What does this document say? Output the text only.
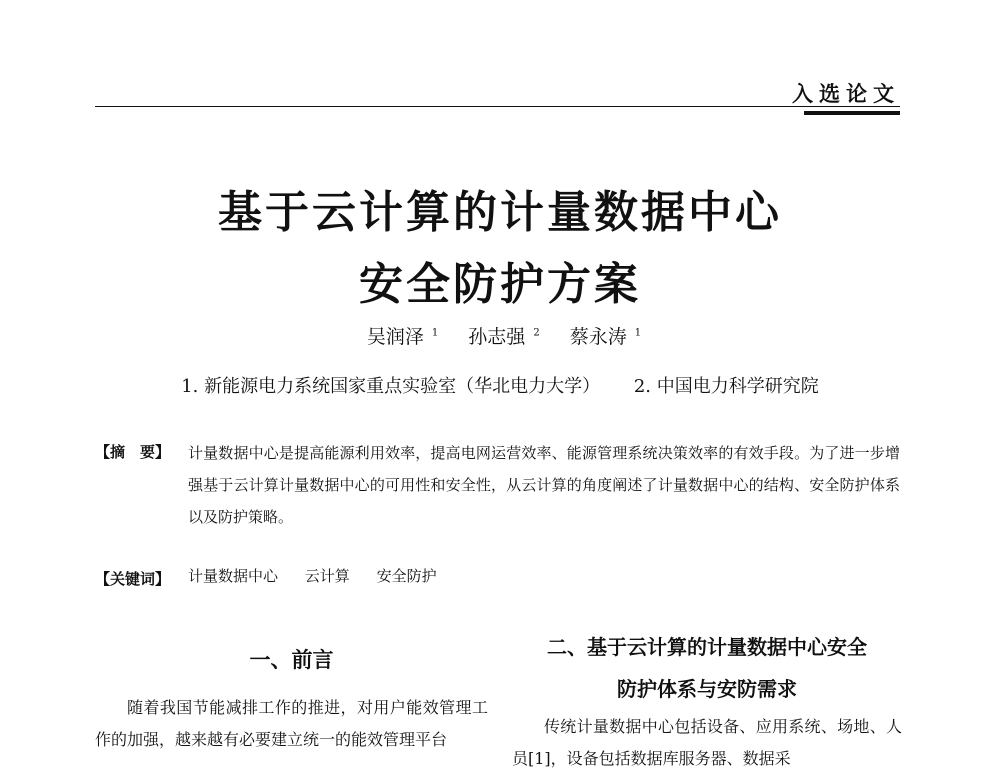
入选论文
基于云计算的计量数据中心
安全防护方案
吴润泽 $^1$ 孙志强 $^2$ 蔡永涛 $^1$
1. 新能源电力系统国家重点实验室（华北电力大学） 2. 中国电力科学研究院
【摘　要】 计量数据中心是提高能源利用效率，提高电网运营效率、能源管理系统决策效率的有效手段。为了进一步增强基于云计算计量数据中心的可用性和安全性，从云计算的角度阐述了计量数据中心的结构、安全防护体系以及防护策略。
【关键词】 计量数据中心 云计算 安全防护
一、前言
随着我国节能减排工作的推进，对用户能效管理工作的加强，越来越有必要建立统一的能效管理平台
二、基于云计算的计量数据中心安全
防护体系与安防需求
传统计量数据中心包括设备、应用系统、场地、人员[1]，设备包括数据库服务器、数据采
